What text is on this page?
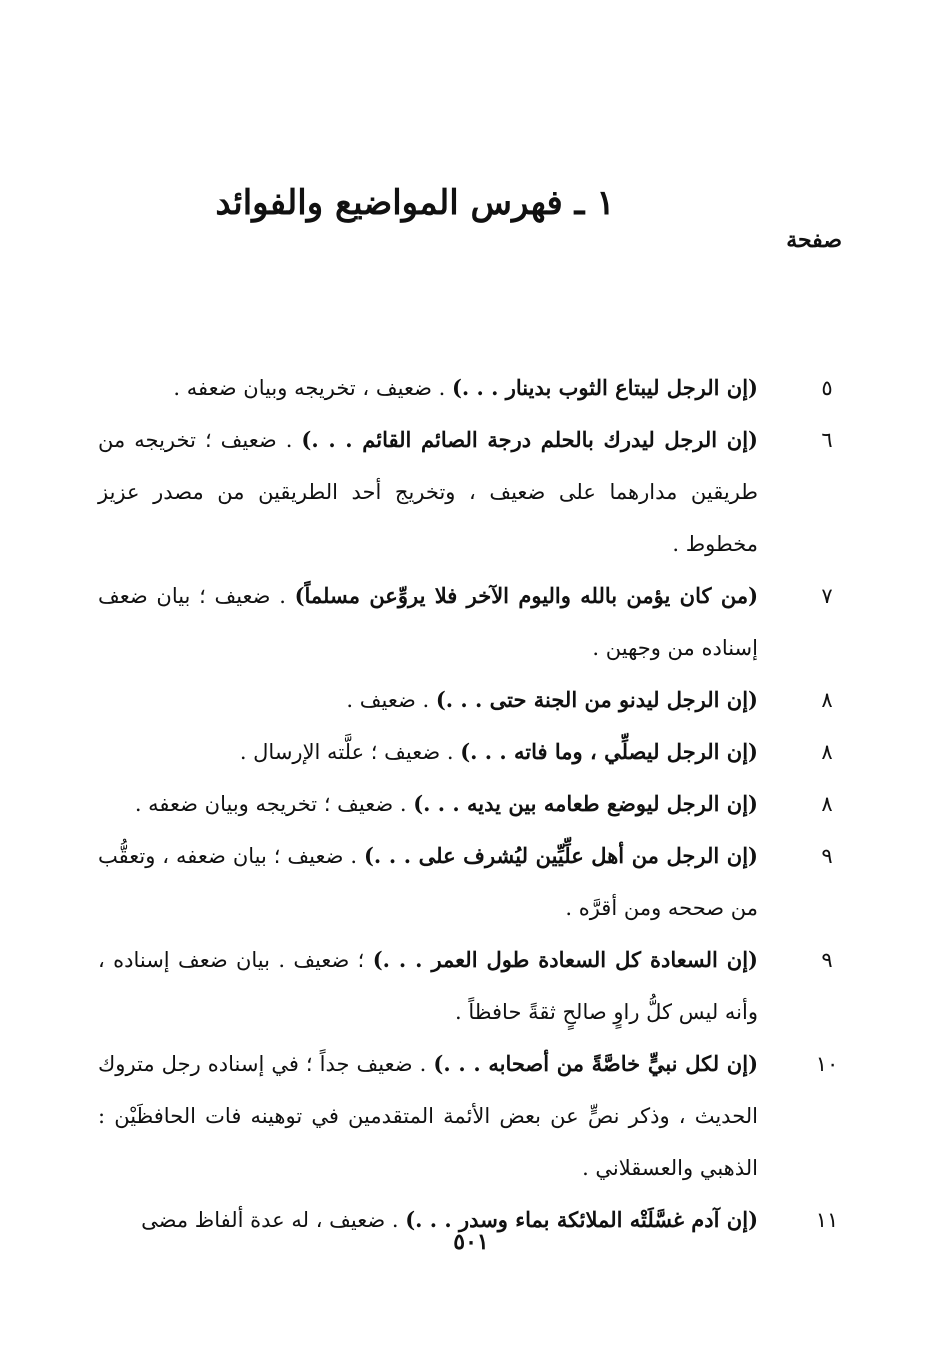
١ ـ فهرس المواضيع والفوائد
صفحة
٥
(إن الرجل ليبتاع الثوب بدينار . . .) . ضعيف ، تخريجه وبيان ضعفه .
٦
(إن الرجل ليدرك بالحلم درجة الصائم القائم . . .) . ضعيف ؛ تخريجه من طريقين مدارهما على ضعيف ، وتخريج أحد الطريقين من مصدر عزيز مخطوط .
٧
(من كان يؤمن بالله واليوم الآخر فلا يروِّعن مسلماً) . ضعيف ؛ بيان ضعف إسناده من وجهين .
٨
(إن الرجل ليدنو من الجنة حتى . . .) . ضعيف .
٨
(إن الرجل ليصلِّي ، وما فاته . . .) . ضعيف ؛ علَّته الإرسال .
٨
(إن الرجل ليوضع طعامه بين يديه . . .) . ضعيف ؛ تخريجه وبيان ضعفه .
٩
(إن الرجل من أهل علِّيِّين ليُشرف على . . .) . ضعيف ؛ بيان ضعفه ، وتعقُّب من صححه ومن أقرَّه .
٩
(إن السعادة كل السعادة طول العمر . . .) ؛ ضعيف . بيان ضعف إسناده ، وأنه ليس كلُّ راوٍ صالحٍ ثقةً حافظاً .
١٠
(إن لكل نبيٍّ خاصَّةً من أصحابه . . .) . ضعيف جداً ؛ في إسناده رجل متروك الحديث ، وذكر نصٍّ عن بعض الأئمة المتقدمين في توهينه فات الحافظَيْن : الذهبي والعسقلاني .
١١
(إن آدم غسَّلَتْه الملائكة بماء وسدر . . .) . ضعيف ، له عدة ألفاظ مضى
٥٠١
